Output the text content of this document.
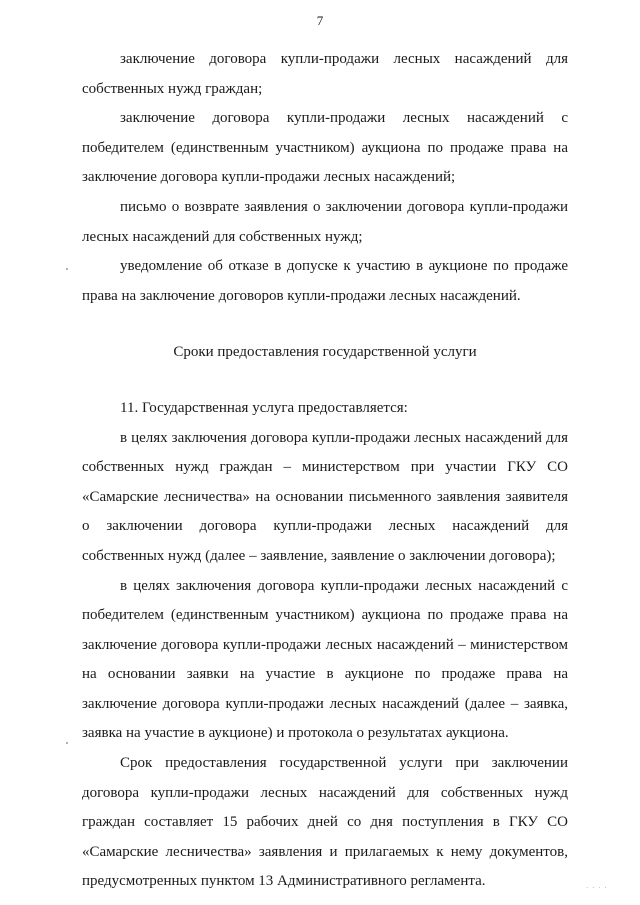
7

заключение договора купли-продажи лесных насаждений для собственных нужд граждан;

заключение договора купли-продажи лесных насаждений с победителем (единственным участником) аукциона по продаже права на заключение договора купли-продажи лесных насаждений;

письмо о возврате заявления о заключении договора купли-продажи лесных насаждений для собственных нужд;

уведомление об отказе в допуске к участию в аукционе по продаже права на заключение договоров купли-продажи лесных насаждений.

Сроки предоставления государственной услуги

11. Государственная услуга предоставляется:

в целях заключения договора купли-продажи лесных насаждений для собственных нужд граждан – министерством при участии ГКУ СО «Самарские лесничества» на основании письменного заявления заявителя о заключении договора купли-продажи лесных насаждений для собственных нужд (далее – заявление, заявление о заключении договора);

в целях заключения договора купли-продажи лесных насаждений с победителем (единственным участником) аукциона по продаже права на заключение договора купли-продажи лесных насаждений – министерством на основании заявки на участие в аукционе по продаже права на заключение договора купли-продажи лесных насаждений (далее – заявка, заявка на участие в аукционе) и протокола о результатах аукциона.

Срок предоставления государственной услуги при заключении договора купли-продажи лесных насаждений для собственных нужд граждан составляет 15 рабочих дней со дня поступления в ГКУ СО «Самарские лесничества» заявления и прилагаемых к нему документов, предусмотренных пунктом 13 Административного регламента.	· · · ·
